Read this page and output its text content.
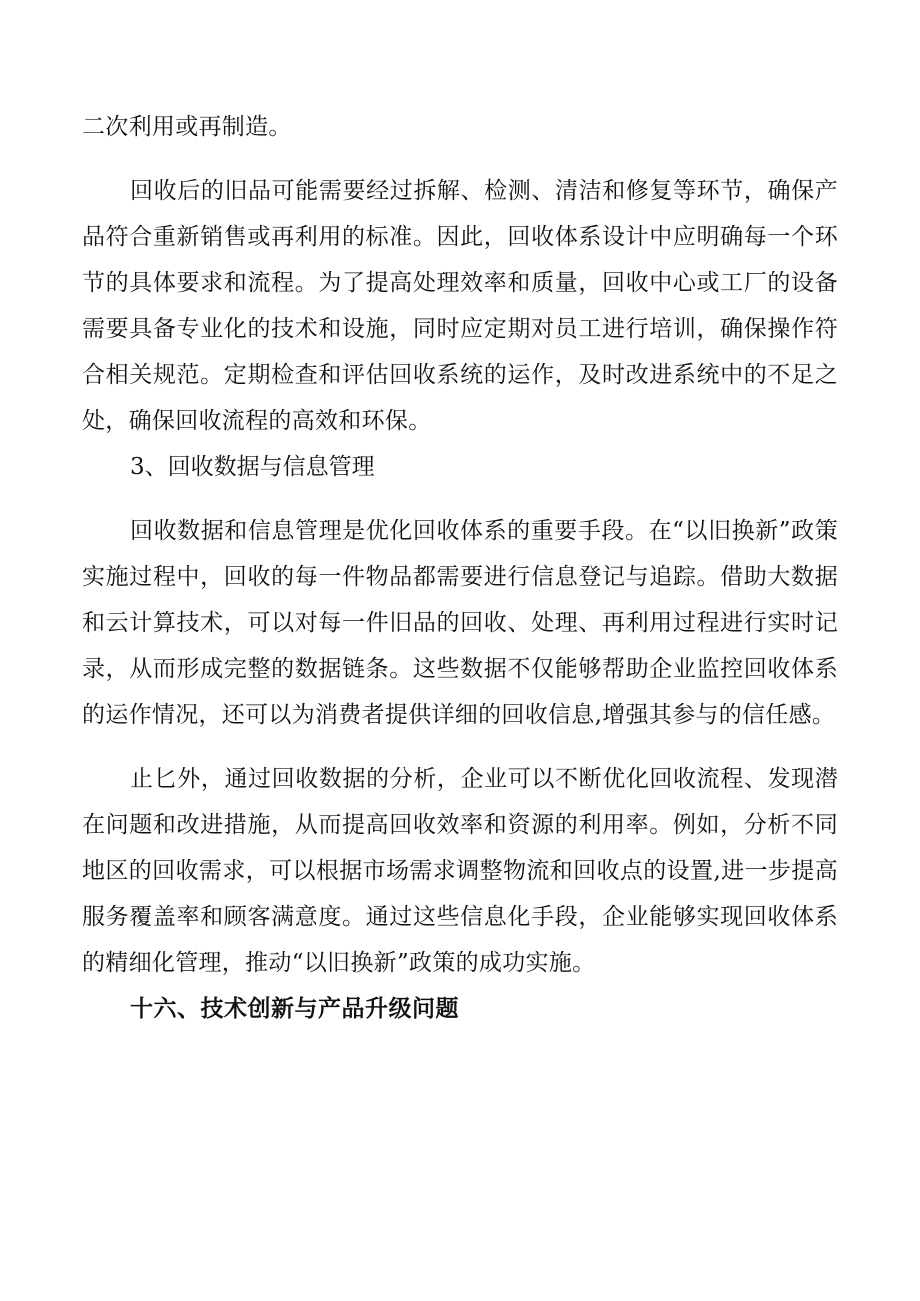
二次利用或再制造。

回收后的旧品可能需要经过拆解、检测、清洁和修复等环节，确保产品符合重新销售或再利用的标准。因此，回收体系设计中应明确每一个环节的具体要求和流程。为了提高处理效率和质量，回收中心或工厂的设备需要具备专业化的技术和设施，同时应定期对员工进行培训，确保操作符合相关规范。定期检查和评估回收系统的运作，及时改进系统中的不足之处，确保回收流程的高效和环保。

3、回收数据与信息管理

回收数据和信息管理是优化回收体系的重要手段。在“以旧换新”政策实施过程中，回收的每一件物品都需要进行信息登记与追踪。借助大数据和云计算技术，可以对每一件旧品的回收、处理、再利用过程进行实时记录，从而形成完整的数据链条。这些数据不仅能够帮助企业监控回收体系的运作情况，还可以为消费者提供详细的回收信息,增强其参与的信任感。

止匕外，通过回收数据的分析，企业可以不断优化回收流程、发现潜在问题和改进措施，从而提高回收效率和资源的利用率。例如，分析不同地区的回收需求，可以根据市场需求调整物流和回收点的设置,进一步提高服务覆盖率和顾客满意度。通过这些信息化手段，企业能够实现回收体系的精细化管理，推动“以旧换新”政策的成功实施。

十六、技术创新与产品升级问题
